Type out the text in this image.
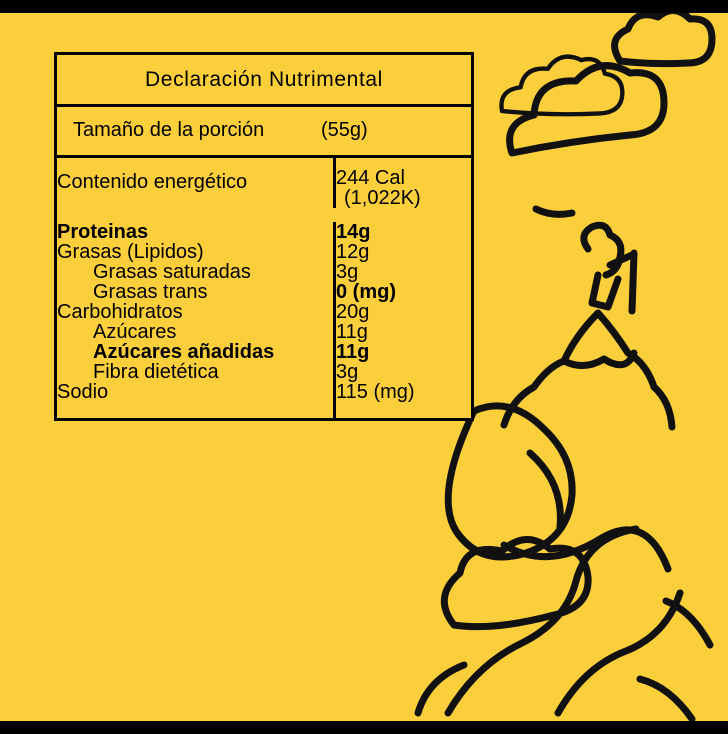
Declaración Nutrimental
Tamaño de la porción	(55g)
Contenido energético	244 Cal
(1,022K)

Proteinas	14g
Grasas (Lipidos)	12g
Grasas saturadas	3g
Grasas trans	0 (mg)
Carbohidratos	20g
Azúcares	11g
Azúcares añadidas	11g
Fibra dietética	3g
Sodio	115 (mg)
